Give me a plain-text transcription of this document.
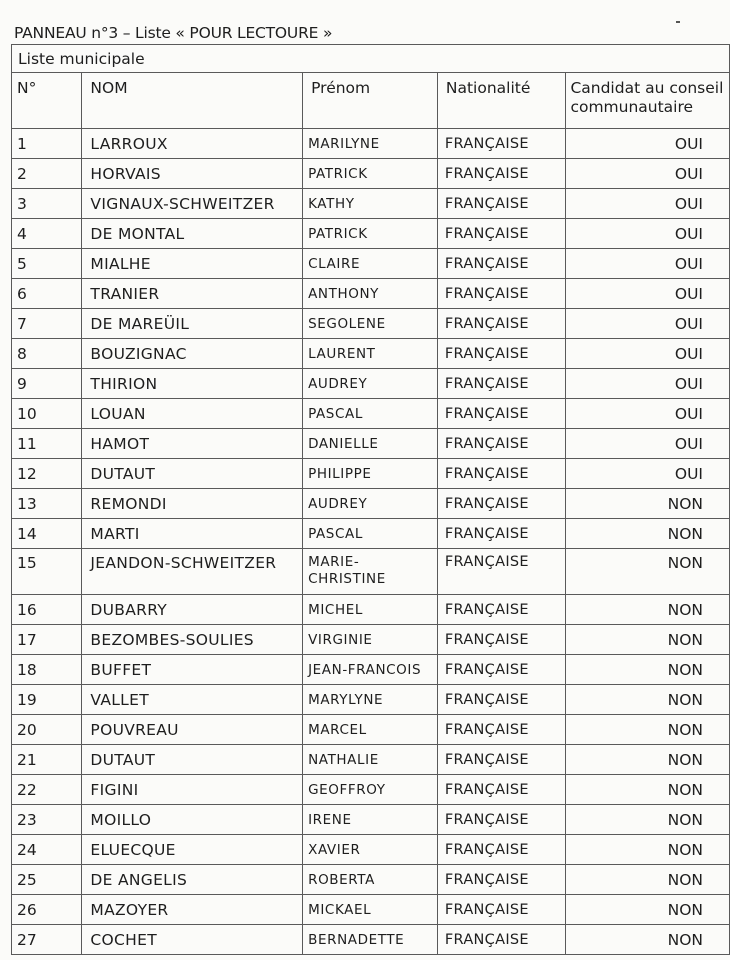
PANNEAU n°3 – Liste « POUR LECTOURE »
Liste municipale				
N°	NOM	Prénom	Nationalité	Candidat au conseil communautaire
1	LARROUX	MARILYNE	FRANÇAISE	OUI
2	HORVAIS	PATRICK	FRANÇAISE	OUI
3	VIGNAUX-SCHWEITZER	KATHY	FRANÇAISE	OUI
4	DE MONTAL	PATRICK	FRANÇAISE	OUI
5	MIALHE	CLAIRE	FRANÇAISE	OUI
6	TRANIER	ANTHONY	FRANÇAISE	OUI
7	DE MAREÜIL	SEGOLENE	FRANÇAISE	OUI
8	BOUZIGNAC	LAURENT	FRANÇAISE	OUI
9	THIRION	AUDREY	FRANÇAISE	OUI
10	LOUAN	PASCAL	FRANÇAISE	OUI
11	HAMOT	DANIELLE	FRANÇAISE	OUI
12	DUTAUT	PHILIPPE	FRANÇAISE	OUI
13	REMONDI	AUDREY	FRANÇAISE	NON
14	MARTI	PASCAL	FRANÇAISE	NON
15	JEANDON-SCHWEITZER	MARIE-​CHRISTINE	FRANÇAISE	NON
16	DUBARRY	MICHEL	FRANÇAISE	NON
17	BEZOMBES-SOULIES	VIRGINIE	FRANÇAISE	NON
18	BUFFET	JEAN-FRANCOIS	FRANÇAISE	NON
19	VALLET	MARYLYNE	FRANÇAISE	NON
20	POUVREAU	MARCEL	FRANÇAISE	NON
21	DUTAUT	NATHALIE	FRANÇAISE	NON
22	FIGINI	GEOFFROY	FRANÇAISE	NON
23	MOILLO	IRENE	FRANÇAISE	NON
24	ELUECQUE	XAVIER	FRANÇAISE	NON
25	DE ANGELIS	ROBERTA	FRANÇAISE	NON
26	MAZOYER	MICKAEL	FRANÇAISE	NON
27	COCHET	BERNADETTE	FRANÇAISE	NON
